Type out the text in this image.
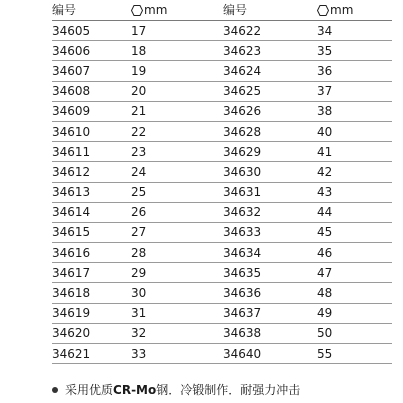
编号	mm	编号	mm
34605	17	34622	34
34606	18	34623	35
34607	19	34624	36
34608	20	34625	37
34609	21	34626	38
34610	22	34628	40
34611	23	34629	41
34612	24	34630	42
34613	25	34631	43
34614	26	34632	44
34615	27	34633	45
34616	28	34634	46
34617	29	34635	47
34618	30	34636	48
34619	31	34637	49
34620	32	34638	50
34621	33	34640	55
采用优质 CR-Mo 钢．冷锻制作．耐强力冲击
